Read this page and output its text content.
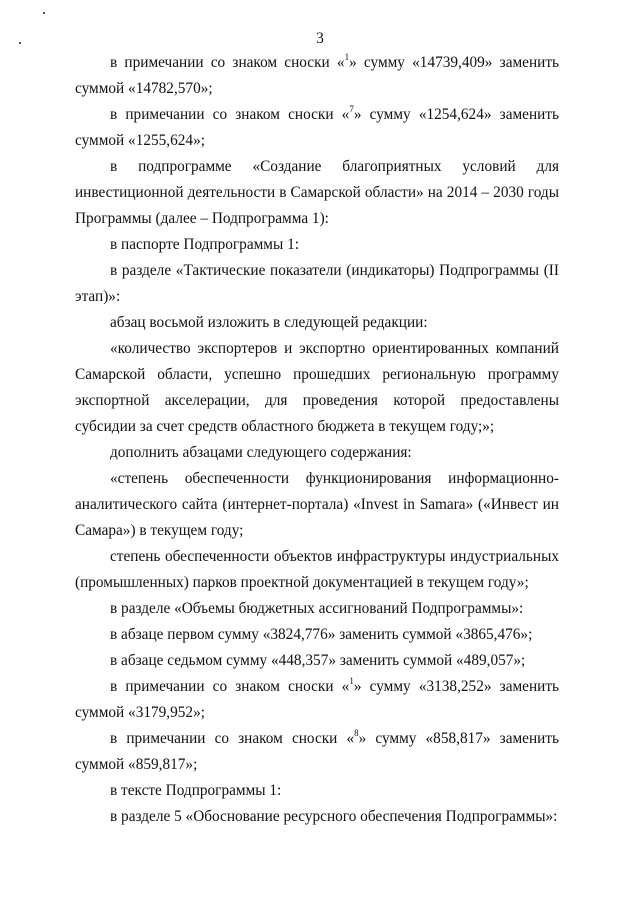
3

в примечании со знаком сноски «$^1$» сумму «14739,409» заменить суммой «14782,570»;

в примечании со знаком сноски «$^7$» сумму «1254,624» заменить суммой «1255,624»;

в подпрограмме «Создание благоприятных условий для инвестиционной деятельности в Самарской области» на 2014 – 2030 годы Программы (далее – Подпрограмма 1):

в паспорте Подпрограммы 1:

в разделе «Тактические показатели (индикаторы) Подпрограммы (II этап)»:

абзац восьмой изложить в следующей редакции:

«количество экспортеров и экспортно ориентированных компаний Самарской области, успешно прошедших региональную программу экспортной акселерации, для проведения которой предоставлены субсидии за счет средств областного бюджета в текущем году;»;

дополнить абзацами следующего содержания:

«степень обеспеченности функционирования информационно-аналитического сайта (интернет-портала) «Invest in Samara» («Инвест ин Самара») в текущем году;

степень обеспеченности объектов инфраструктуры индустриальных (промышленных) парков проектной документацией в текущем году»;

в разделе «Объемы бюджетных ассигнований Подпрограммы»:

в абзаце первом сумму «3824,776» заменить суммой «3865,476»;

в абзаце седьмом сумму «448,357» заменить суммой «489,057»;

в примечании со знаком сноски «$^1$» сумму «3138,252» заменить суммой «3179,952»;

в примечании со знаком сноски «$^8$» сумму «858,817» заменить суммой «859,817»;

в тексте Подпрограммы 1:

в разделе 5 «Обоснование ресурсного обеспечения Подпрограммы»:
